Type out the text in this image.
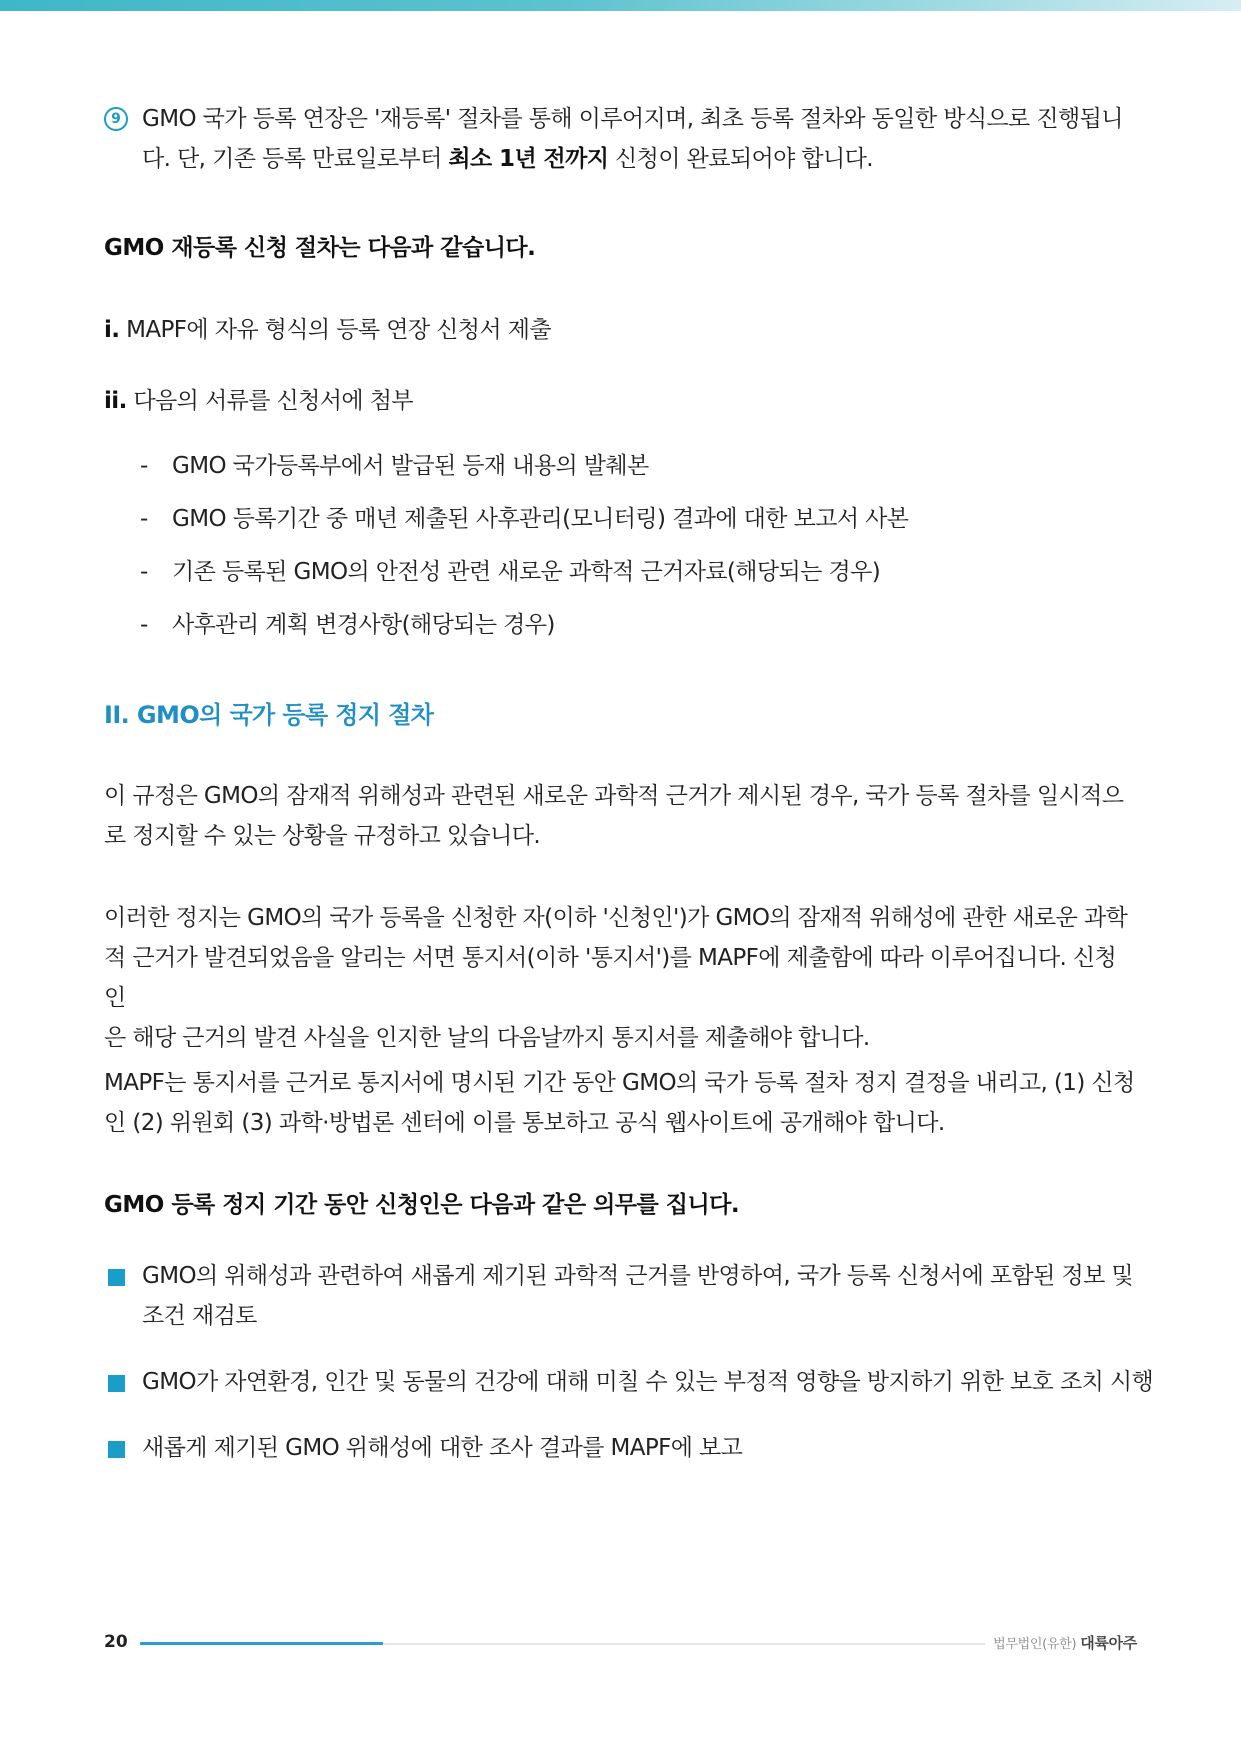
9 GMO 국가 등록 연장은 '재등록' 절차를 통해 이루어지며, 최초 등록 절차와 동일한 방식으로 진행됩니

다. 단, 기존 등록 만료일로부터 최소 1년 전까지 신청이 완료되어야 합니다.

GMO 재등록 신청 절차는 다음과 같습니다.
i. MAPF에 자유 형식의 등록 연장 신청서 제출
ii. 다음의 서류를 신청서에 첨부
- GMO 국가등록부에서 발급된 등재 내용의 발췌본
- GMO 등록기간 중 매년 제출된 사후관리(모니터링) 결과에 대한 보고서 사본
- 기존 등록된 GMO의 안전성 관련 새로운 과학적 근거자료(해당되는 경우)
- 사후관리 계획 변경사항(해당되는 경우)
II. GMO의 국가 등록 정지 절차

이 규정은 GMO의 잠재적 위해성과 관련된 새로운 과학적 근거가 제시된 경우, 국가 등록 절차를 일시적으

로 정지할 수 있는 상황을 규정하고 있습니다.

이러한 정지는 GMO의 국가 등록을 신청한 자(이하 '신청인')가 GMO의 잠재적 위해성에 관한 새로운 과학

적 근거가 발견되었음을 알리는 서면 통지서(이하 '통지서')를 MAPF에 제출함에 따라 이루어집니다. 신청인

은 해당 근거의 발견 사실을 인지한 날의 다음날까지 통지서를 제출해야 합니다.

MAPF는 통지서를 근거로 통지서에 명시된 기간 동안 GMO의 국가 등록 절차 정지 결정을 내리고, (1) 신청

인 (2) 위원회 (3) 과학·방법론 센터에 이를 통보하고 공식 웹사이트에 공개해야 합니다.

GMO 등록 정지 기간 동안 신청인은 다음과 같은 의무를 집니다.

GMO의 위해성과 관련하여 새롭게 제기된 과학적 근거를 반영하여, 국가 등록 신청서에 포함된 정보 및

조건 재검토

GMO가 자연환경, 인간 및 동물의 건강에 대해 미칠 수 있는 부정적 영향을 방지하기 위한 보호 조치 시행

새롭게 제기된 GMO 위해성에 대한 조사 결과를 MAPF에 보고

20	법무법인(유한) 대륙아주
